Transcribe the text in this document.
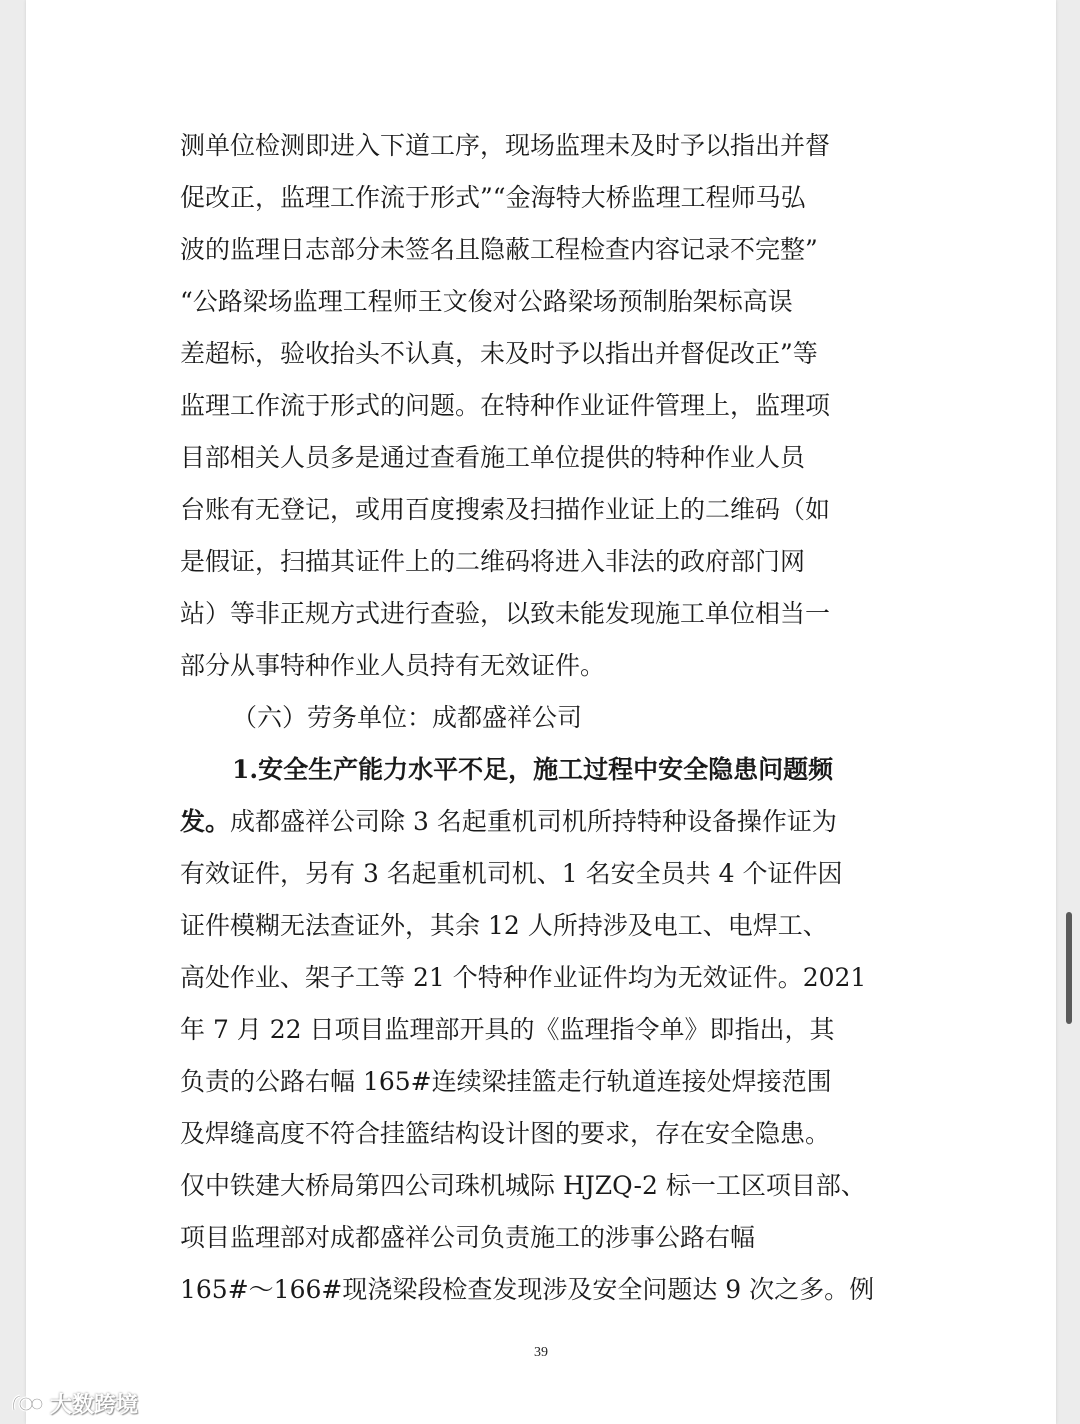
测单位检测即进入下道工序，现场监理未及时予以指出并督
促改正，监理工作流于形式”“金海特大桥监理工程师马弘
波的监理日志部分未签名且隐蔽工程检查内容记录不完整”
“公路梁场监理工程师王文俊对公路梁场预制胎架标高误
差超标，验收抬头不认真，未及时予以指出并督促改正”等
监理工作流于形式的问题。在特种作业证件管理上，监理项
目部相关人员多是通过查看施工单位提供的特种作业人员
台账有无登记，或用百度搜索及扫描作业证上的二维码（如
是假证，扫描其证件上的二维码将进入非法的政府部门网
站）等非正规方式进行查验，以致未能发现施工单位相当一
部分从事特种作业人员持有无效证件。
（六）劳务单位：成都盛祥公司
1.安全生产能力水平不足，施工过程中安全隐患问题频
发。成都盛祥公司除 3 名起重机司机所持特种设备操作证为
有效证件，另有 3 名起重机司机、1 名安全员共 4 个证件因
证件模糊无法查证外，其余 12 人所持涉及电工、电焊工、
高处作业、架子工等 21 个特种作业证件均为无效证件。2021
年 7 月 22 日项目监理部开具的《监理指令单》即指出，其
负责的公路右幅 165#连续梁挂篮走行轨道连接处焊接范围
及焊缝高度不符合挂篮结构设计图的要求，存在安全隐患。
仅中铁建大桥局第四公司珠机城际 HJZQ-2 标一工区项目部、
项目监理部对成都盛祥公司负责施工的涉事公路右幅
165#～166#现浇梁段检查发现涉及安全问题达 9 次之多。例
39
大数跨境
